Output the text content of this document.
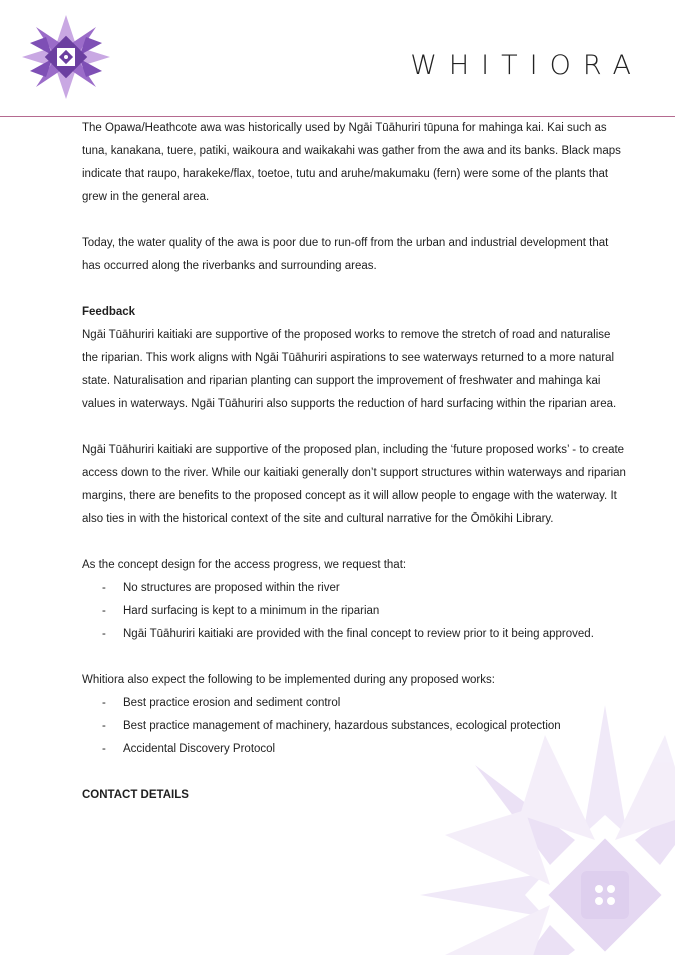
WHITIORA

The Opawa/Heathcote awa was historically used by Ngāi Tūāhuriri tūpuna for mahinga kai. Kai such as tuna, kanakana, tuere, patiki, waikoura and waikakahi was gather from the awa and its banks. Black maps indicate that raupo, harakeke/flax, toetoe, tutu and aruhe/makumaku (fern) were some of the plants that grew in the general area.

Today, the water quality of the awa is poor due to run-off from the urban and industrial development that has occurred along the riverbanks and surrounding areas.

Feedback

Ngāi Tūāhuriri kaitiaki are supportive of the proposed works to remove the stretch of road and naturalise the riparian. This work aligns with Ngāi Tūāhuriri aspirations to see waterways returned to a more natural state. Naturalisation and riparian planting can support the improvement of freshwater and mahinga kai values in waterways. Ngāi Tūāhuriri also supports the reduction of hard surfacing within the riparian area.

Ngāi Tūāhuriri kaitiaki are supportive of the proposed plan, including the ‘future proposed works’ - to create access down to the river. While our kaitiaki generally don’t support structures within waterways and riparian margins, there are benefits to the proposed concept as it will allow people to engage with the waterway. It also ties in with the historical context of the site and cultural narrative for the Ōmōkihi Library.

As the concept design for the access progress, we request that:

- No structures are proposed within the river
- Hard surfacing is kept to a minimum in the riparian
- Ngāi Tūāhuriri kaitiaki are provided with the final concept to review prior to it being approved.

Whitiora also expect the following to be implemented during any proposed works:

- Best practice erosion and sediment control
- Best practice management of machinery, hazardous substances, ecological protection
- Accidental Discovery Protocol

CONTACT DETAILS
